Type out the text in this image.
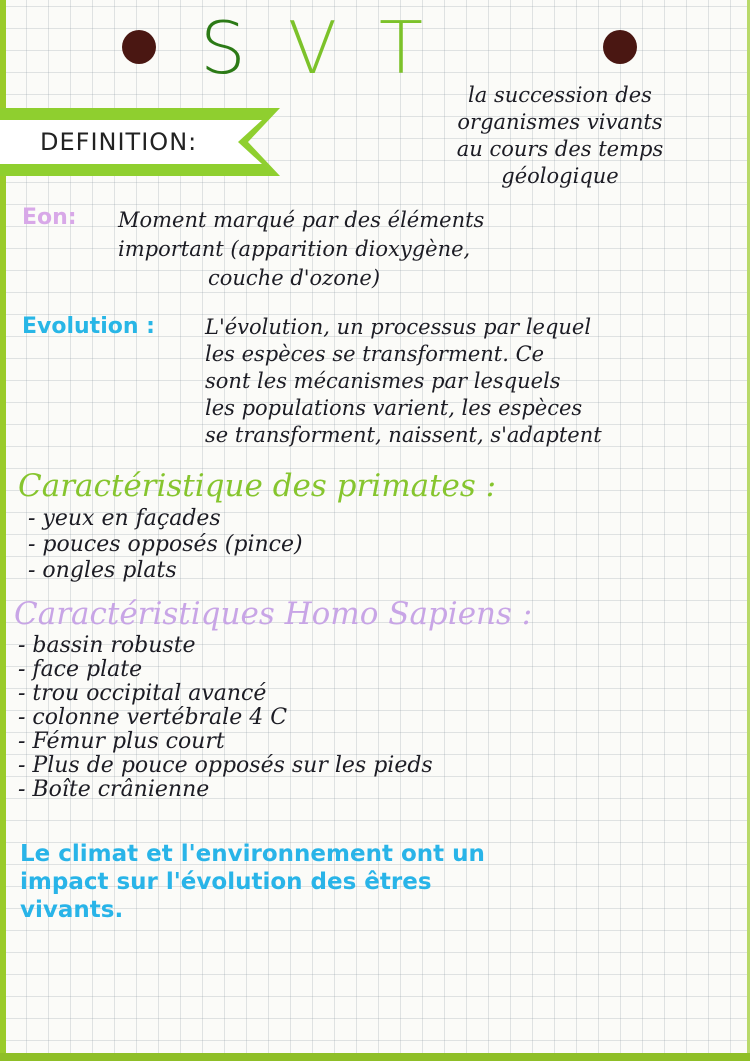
SVT
DEFINITION:
la succession des
organismes vivants
au cours des temps
géologique
Eon: Moment marqué par des éléments
important (apparition dioxygène,
couche d'ozone)
Evolution : L'évolution, un processus par lequel
les espèces se transforment. Ce
sont les mécanismes par lesquels
les populations varient, les espèces
se transforment, naissent, s'adaptent
Caractéristique des primates :
- yeux en façades
- pouces opposés (pince)
- ongles plats
Caractéristiques Homo Sapiens :
- bassin robuste
- face plate
- trou occipital avancé
- colonne vertébrale 4 C
- Fémur plus court
- Plus de pouce opposés sur les pieds
- Boîte crânienne
Le climat et l'environnement ont un
impact sur l'évolution des êtres
vivants.
